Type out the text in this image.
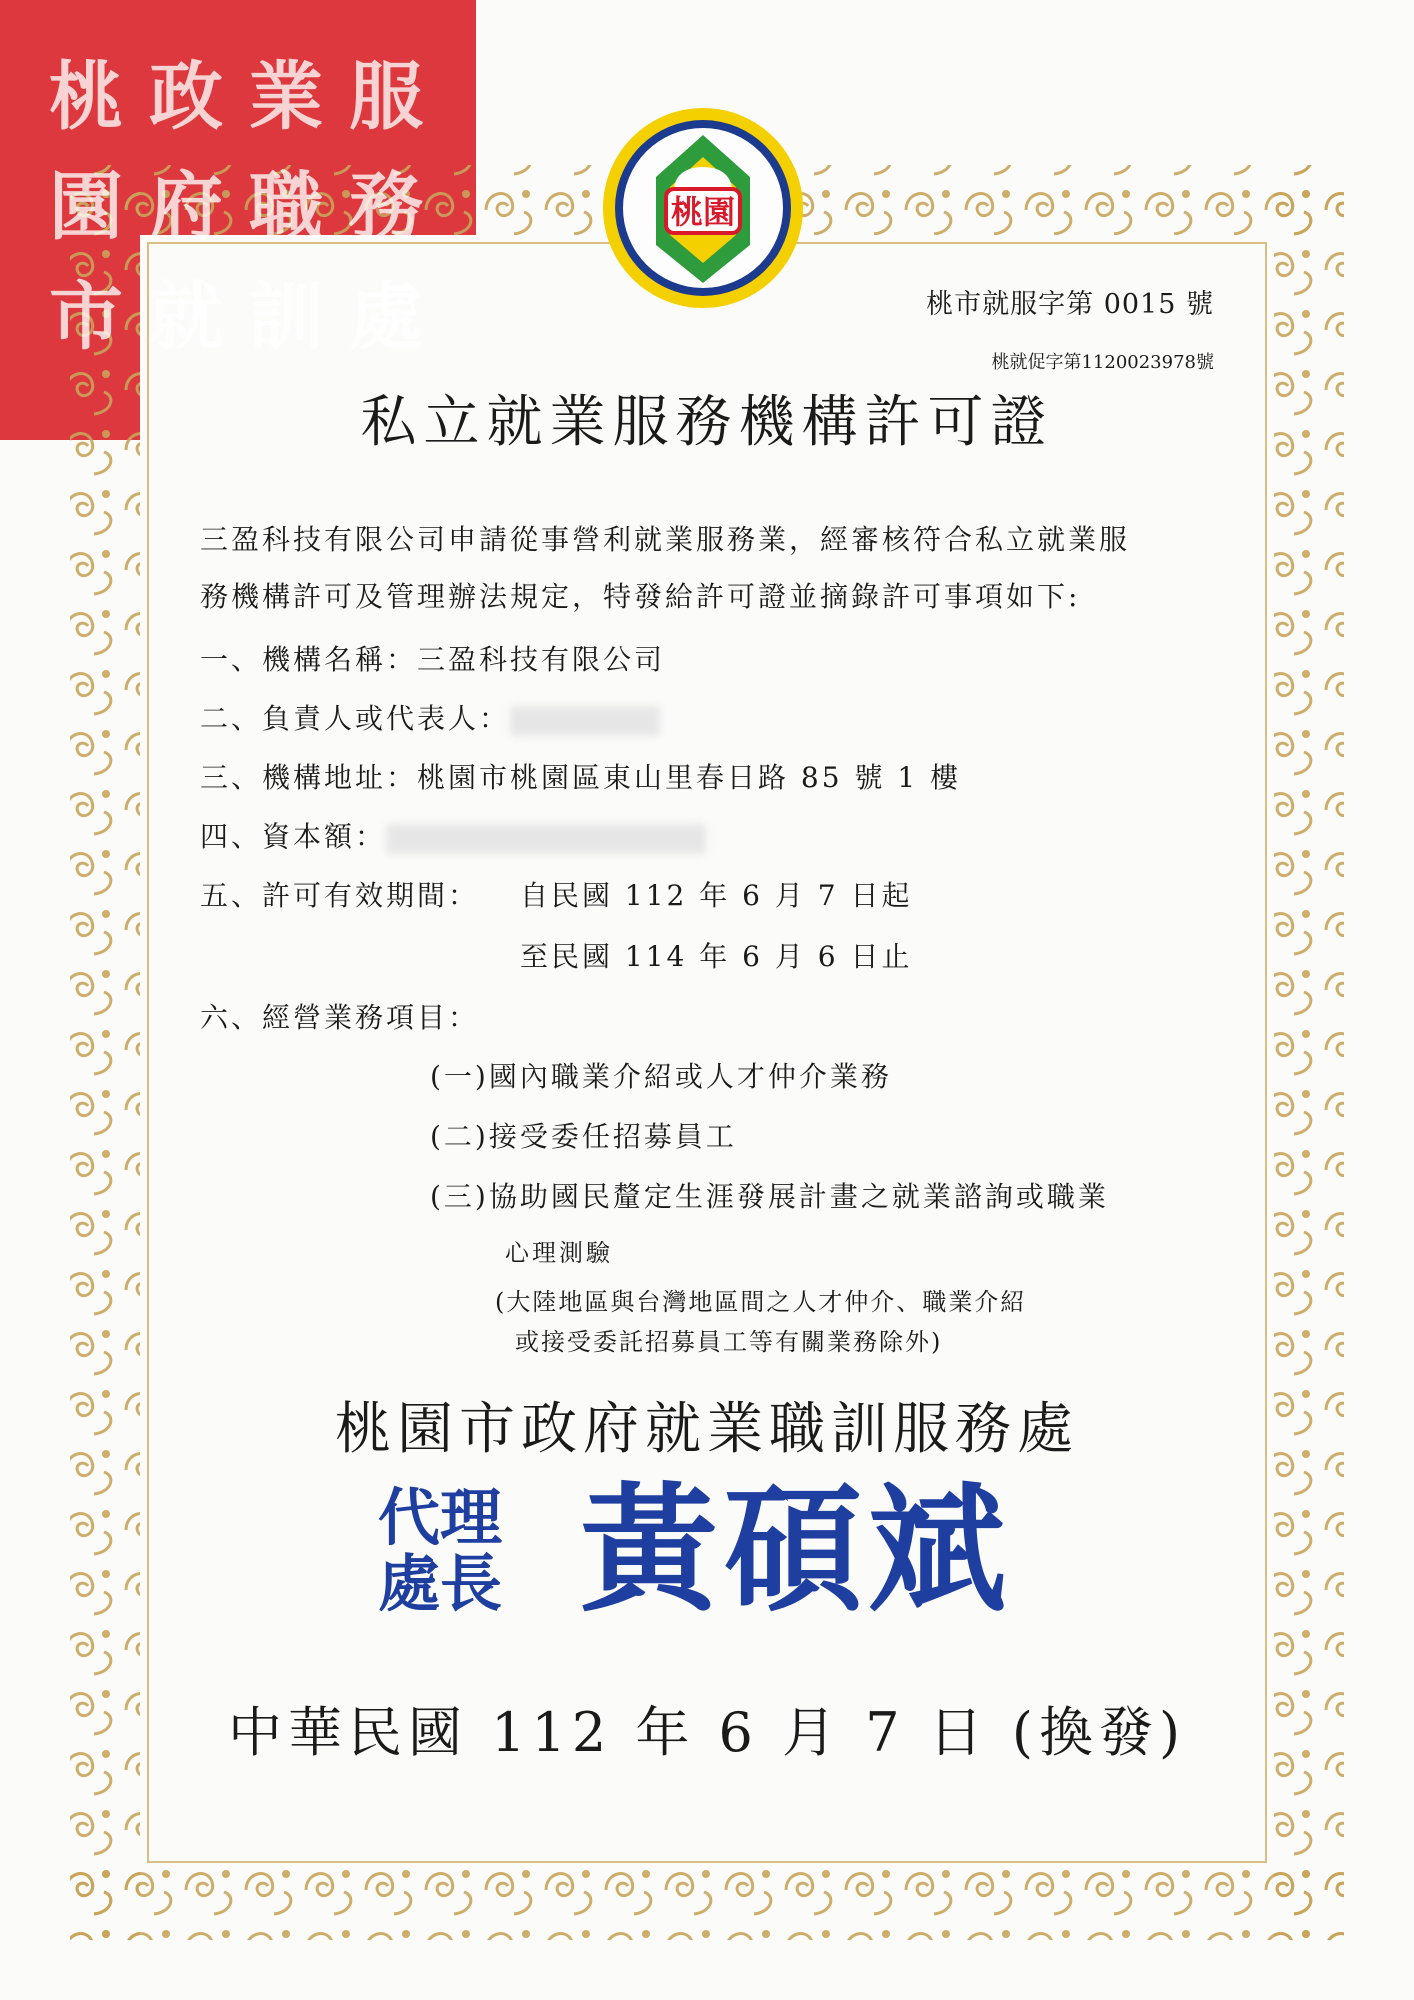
桃園
桃市就服字第 0015 號
桃就促字第1120023978號
私立就業服務機構許可證
三盈科技有限公司申請從事營利就業服務業，經審核符合私立就業服
務機構許可及管理辦法規定，特發給許可證並摘錄許可事項如下:
一、機構名稱：三盈科技有限公司
二、負責人或代表人：
三、機構地址：桃園市桃園區東山里春日路 85 號 1 樓
四、資本額：
五、許可有效期間： 自民國 112 年 6 月 7 日起
至民國 114 年 6 月 6 日止
六、經營業務項目：
桃
園
市
政
府
就
業
職
訓
服
務
處
(一)國內職業介紹或人才仲介業務
(二)接受委任招募員工
(三)協助國民釐定生涯發展計畫之就業諮詢或職業
心理測驗
(大陸地區與台灣地區間之人才仲介、職業介紹
或接受委託招募員工等有關業務除外)
桃園市政府就業職訓服務處
代理
處長 黃碩斌
中華民國 112 年 6 月 7 日 (換發)
